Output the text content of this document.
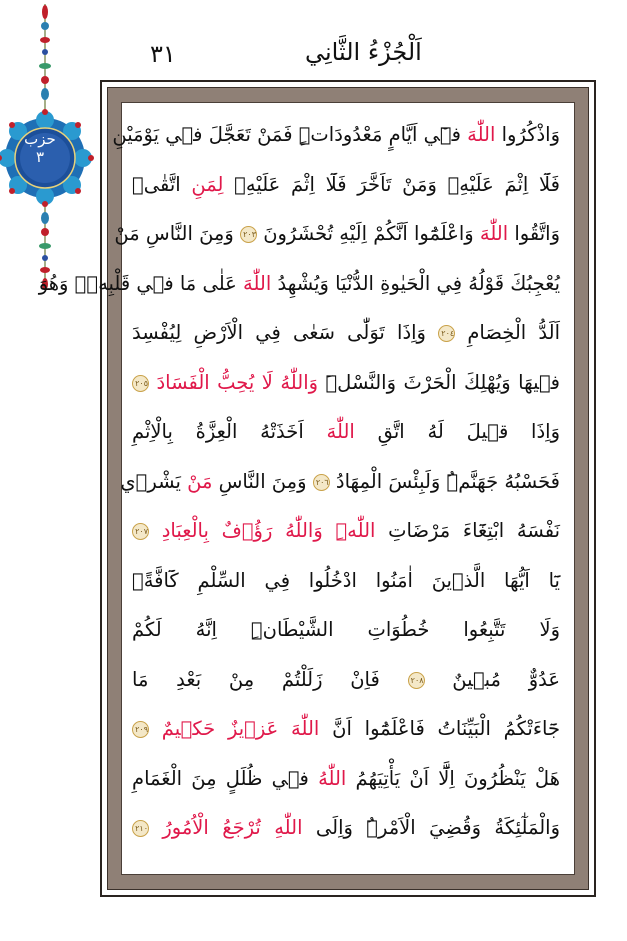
حزب
٣
٣١	اَلْجُزْءُ الثَّانِي
وَاذْكُرُوا اللّٰهَ ف۪ٓي اَيَّامٍ مَعْدُودَاتٍۜ فَمَنْ تَعَجَّلَ ف۪ي يَوْمَيْنِ
فَلَٓا اِثْمَ عَلَيْهِۚ وَمَنْ تَاَخَّرَ فَلَٓا اِثْمَ عَلَيْهِۙ لِمَنِ اتَّقٰىۜ
وَاتَّقُوا اللّٰهَ وَاعْلَمُٓوا اَنَّكُمْ اِلَيْهِ تُحْشَرُونَ ٢٠٣ وَمِنَ النَّاسِ مَنْ
يُعْجِبُكَ قَوْلُهُ فِي الْحَيٰوةِ الدُّنْيَا وَيُشْهِدُ اللّٰهَ عَلٰى مَا ف۪ي قَلْبِه۪ۙ وَهُوَ
اَلَدُّ الْخِصَامِ ٢٠٤ وَاِذَا تَوَلّٰى سَعٰى فِي الْاَرْضِ لِيُفْسِدَ
ف۪يهَا وَيُهْلِكَ الْحَرْثَ وَالنَّسْلَۜ وَاللّٰهُ لَا يُحِبُّ الْفَسَادَ ٢٠٥
وَاِذَا ق۪يلَ لَهُ اتَّقِ اللّٰهَ اَخَذَتْهُ الْعِزَّةُ بِالْاِثْمِ
فَحَسْبُهُ جَهَنَّمُۜ وَلَبِئْسَ الْمِهَادُ ٢٠٦ وَمِنَ النَّاسِ مَنْ يَشْر۪ي
نَفْسَهُ ابْتِغَٓاءَ مَرْضَاتِ اللّٰهِۜ وَاللّٰهُ رَؤُ۫فٌ بِالْعِبَادِ ٢٠٧
يَٓا اَيُّهَا الَّذ۪ينَ اٰمَنُوا ادْخُلُوا فِي السِّلْمِ كَٓافَّةًۖ
وَلَا تَتَّبِعُوا خُطُوَاتِ الشَّيْطَانِۜ اِنَّهُ لَكُمْ
عَدُوٌّ مُب۪ينٌ ٢٠٨ فَاِنْ زَلَلْتُمْ مِنْ بَعْدِ مَا
جَٓاءَتْكُمُ الْبَيِّنَاتُ فَاعْلَمُٓوا اَنَّ اللّٰهَ عَز۪يزٌ حَك۪يمٌ ٢٠٩
هَلْ يَنْظُرُونَ اِلَّٓا اَنْ يَأْتِيَهُمُ اللّٰهُ ف۪ي ظُلَلٍ مِنَ الْغَمَامِ
وَالْمَلٰٓئِكَةُ وَقُضِيَ الْاَمْرُۜ وَاِلَى اللّٰهِ تُرْجَعُ الْاُمُورُ ٢١٠
